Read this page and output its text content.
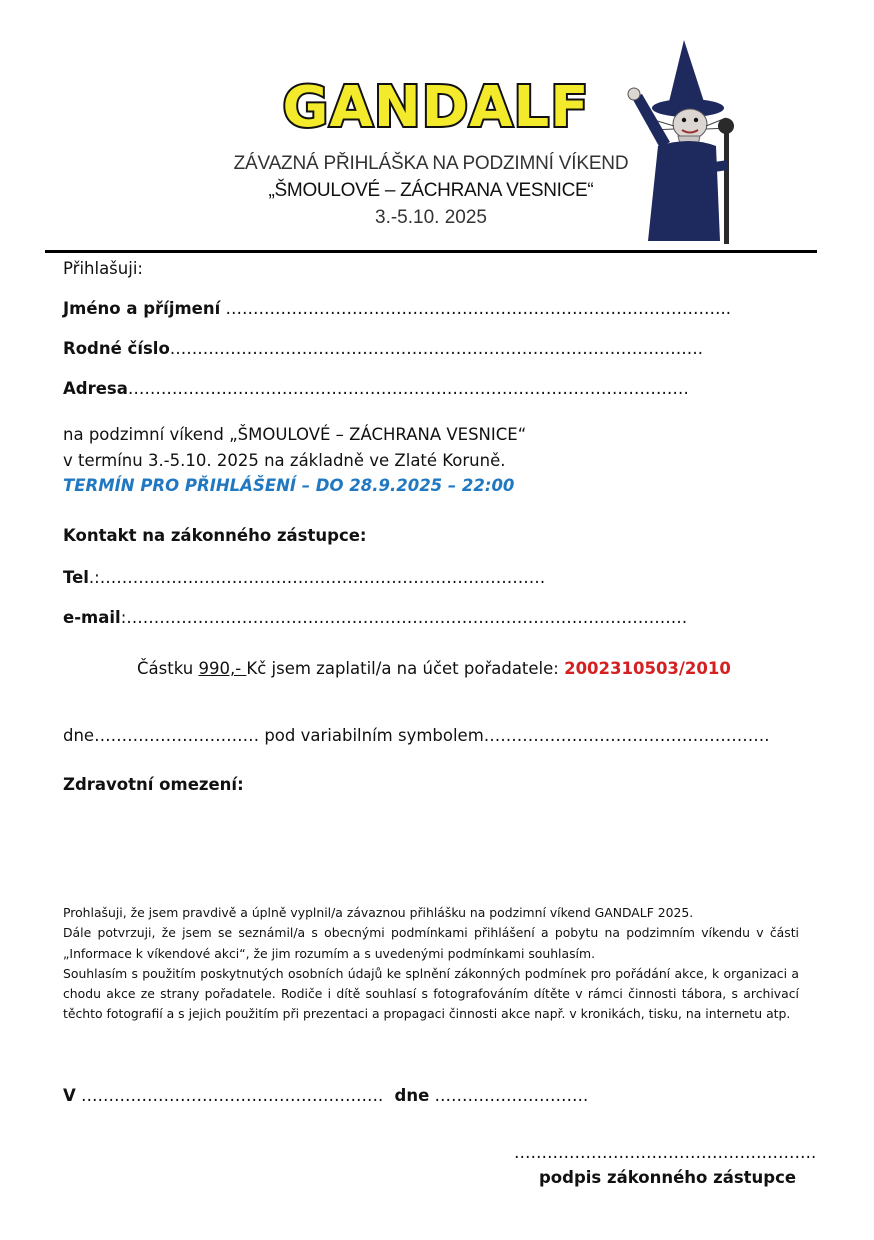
GANDALF
ZÁVAZNÁ PŘIHLÁŠKA NA PODZIMNÍ VÍKEND
„ŠMOULOVÉ – ZÁCHRANA VESNICE“
3.-5.10. 2025
Přihlašuji:
Jméno a příjmení ………………………………………………………………………………..
Rodné číslo…………………………………………………………………………………….
Adresa…………………………………………………………………………………………
na podzimní víkend „ŠMOULOVÉ – ZÁCHRANA VESNICE“
v termínu 3.-5.10. 2025 na základně ve Zlaté Koruně.
TERMÍN PRO PŘIHLÁŠENÍ – DO 28.9.2025 – 22:00
Kontakt na zákonného zástupce:
Tel.:………………………………………………………………………
e-mail:…………………………………………………………………………………………
Částku 990,- Kč jsem zaplatil/a na účet pořadatele: 2002310503/2010
dne………………………… pod variabilním symbolem…………………………………………….
Zdravotní omezení:

Prohlašuji, že jsem pravdivě a úplně vyplnil/a závaznou přihlášku na podzimní víkend GANDALF 2025.

Dále potvrzuji, že jsem se seznámil/a s obecnými podmínkami přihlášení a pobytu na podzimním víkendu v části „Informace k víkendové akci“, že jim rozumím a s uvedenými podmínkami souhlasím.

Souhlasím s použitím poskytnutých osobních údajů ke splnění zákonných podmínek pro pořádání akce, k organizaci a chodu akce ze strany pořadatele. Rodiče i dítě souhlasí s fotografováním dítěte v rámci činnosti tábora, s archivací těchto fotografií a s jejich použitím při prezentaci a propagaci činnosti akce např. v kronikách, tisku, na internetu atp.

V ………………………………………………. dne ……………………….
……………………………………………….
podpis zákonného zástupce
